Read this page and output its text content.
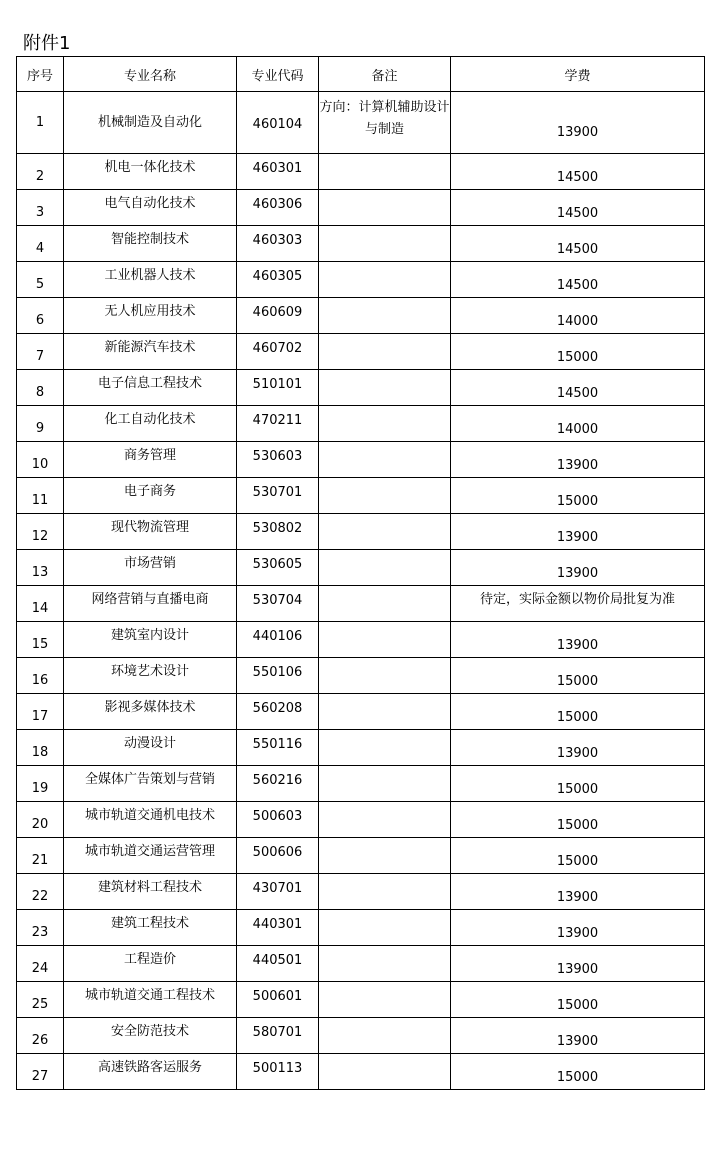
附件1
序号	专业名称	专业代码	备注	学费
1	机械制造及自动化	460104	方向：计算机辅助设计与制造	13900
2	机电一体化技术	460301		14500
3	电气自动化技术	460306		14500
4	智能控制技术	460303		14500
5	工业机器人技术	460305		14500
6	无人机应用技术	460609		14000
7	新能源汽车技术	460702		15000
8	电子信息工程技术	510101		14500
9	化工自动化技术	470211		14000
10	商务管理	530603		13900
11	电子商务	530701		15000
12	现代物流管理	530802		13900
13	市场营销	530605		13900
14	网络营销与直播电商	530704		待定，实际金额以物价局批复为准
15	建筑室内设计	440106		13900
16	环境艺术设计	550106		15000
17	影视多媒体技术	560208		15000
18	动漫设计	550116		13900
19	全媒体广告策划与营销	560216		15000
20	城市轨道交通机电技术	500603		15000
21	城市轨道交通运营管理	500606		15000
22	建筑材料工程技术	430701		13900
23	建筑工程技术	440301		13900
24	工程造价	440501		13900
25	城市轨道交通工程技术	500601		15000
26	安全防范技术	580701		13900
27	高速铁路客运服务	500113		15000
